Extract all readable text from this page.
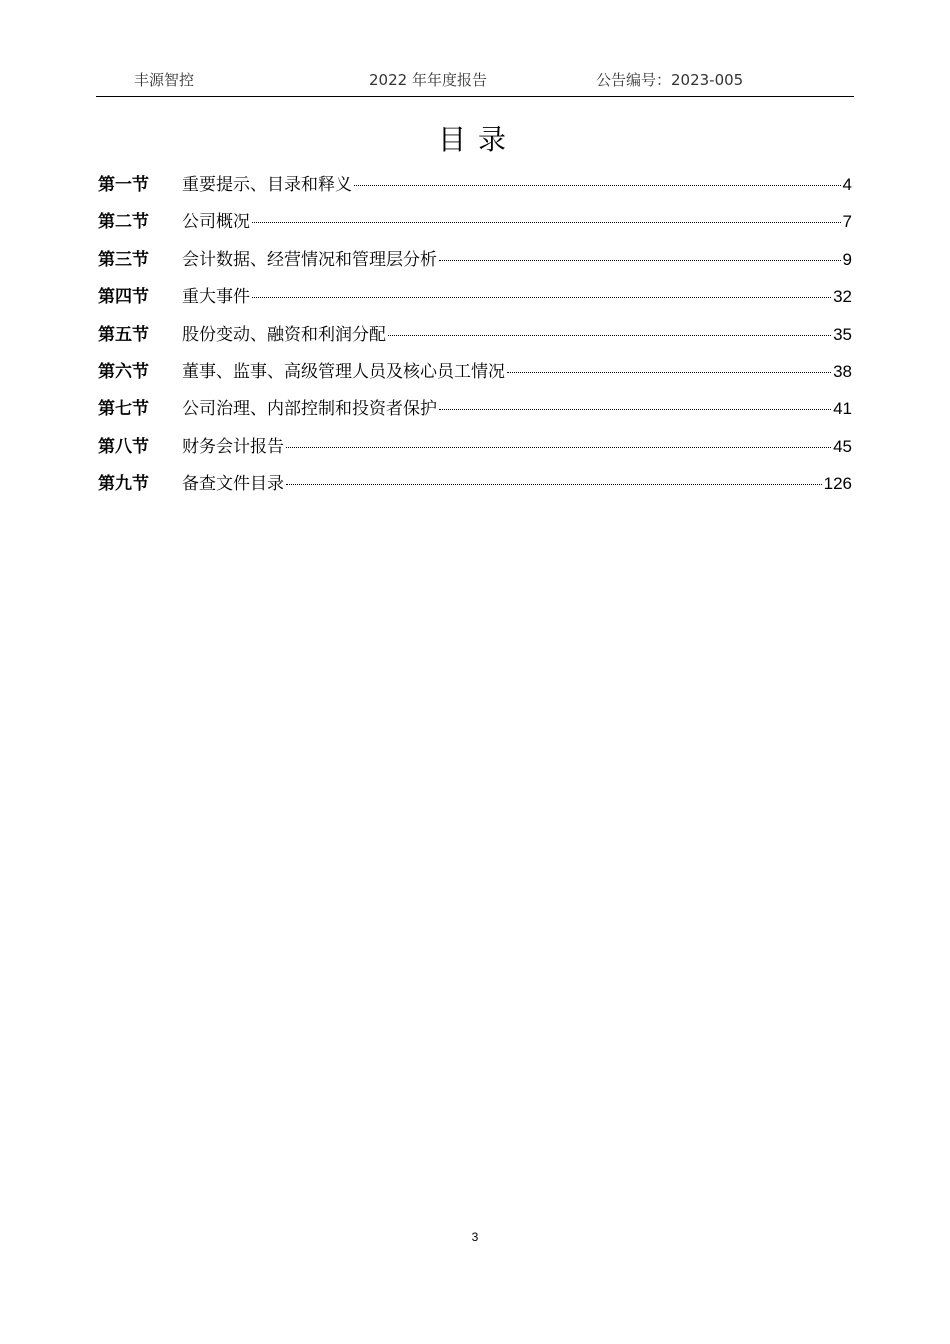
丰源智控	2022 年年度报告	公告编号：2023-005
目录
第一节	重要提示、目录和释义	4
第二节	公司概况	7
第三节	会计数据、经营情况和管理层分析	9
第四节	重大事件	32
第五节	股份变动、融资和利润分配	35
第六节	董事、监事、高级管理人员及核心员工情况	38
第七节	公司治理、内部控制和投资者保护	41
第八节	财务会计报告	45
第九节	备查文件目录	126
3
